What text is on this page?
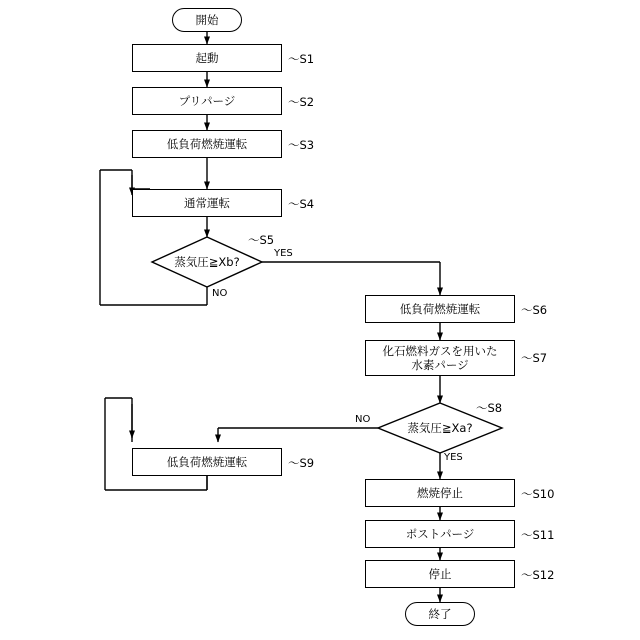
開始
起動	～S1
プリパージ	～S2
低負荷燃焼運転	～S3
通常運転	～S4
蒸気圧≧Xb?
～S5
YES
NO
低負荷燃焼運転	～S6
化石燃料ガスを用いた
水素パージ	～S7
蒸気圧≧Xa?
～S8
NO
YES
低負荷燃焼運転	～S9
燃焼停止	～S10
ポストパージ	～S11
停止	～S12
終了
